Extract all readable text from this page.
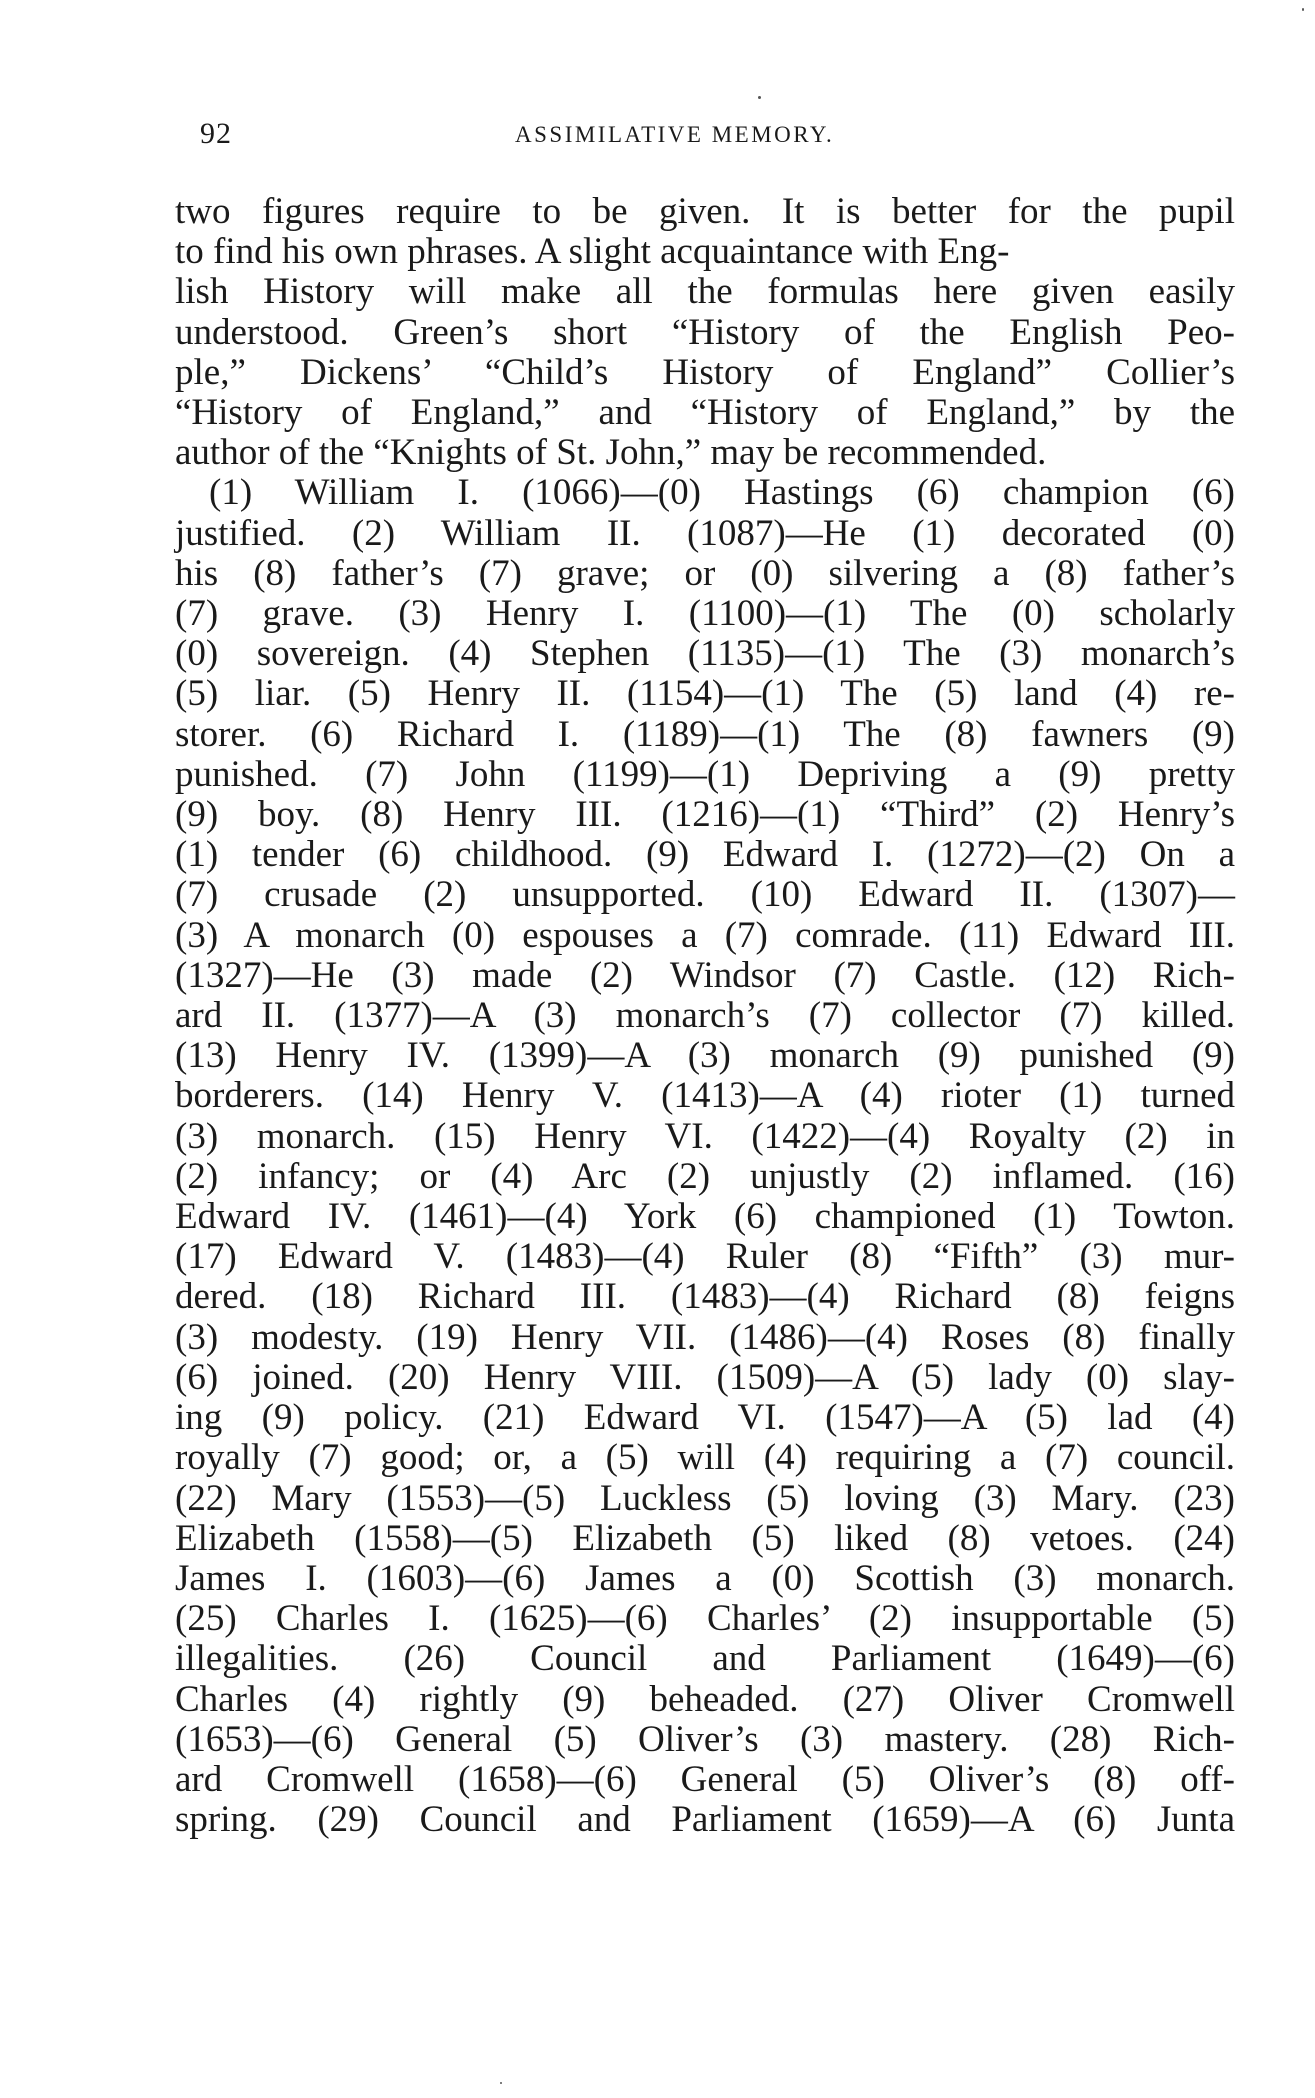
92	ASSIMILATIVE MEMORY.
two figures require to be given. It is better for the pupil
to find his own phrases. A slight acquaintance with Eng-
lish History will make all the formulas here given easily
understood. Green’s short “History of the English Peo-
ple,” Dickens’ “Child’s History of England” Collier’s
“History of England,” and “History of England,” by the
author of the “Knights of St. John,” may be recommended.
(1) William I. (1066)—(0) Hastings (6) champion (6)
justified. (2) William II. (1087)—He (1) decorated (0)
his (8) father’s (7) grave; or (0) silvering a (8) father’s
(7) grave. (3) Henry I. (1100)—(1) The (0) scholarly
(0) sovereign. (4) Stephen (1135)—(1) The (3) monarch’s
(5) liar. (5) Henry II. (1154)—(1) The (5) land (4) re-
storer. (6) Richard I. (1189)—(1) The (8) fawners (9)
punished. (7) John (1199)—(1) Depriving a (9) pretty
(9) boy. (8) Henry III. (1216)—(1) “Third” (2) Henry’s
(1) tender (6) childhood. (9) Edward I. (1272)—(2) On a
(7) crusade (2) unsupported. (10) Edward II. (1307)—
(3) A monarch (0) espouses a (7) comrade. (11) Edward III.
(1327)—He (3) made (2) Windsor (7) Castle. (12) Rich-
ard II. (1377)—A (3) monarch’s (7) collector (7) killed.
(13) Henry IV. (1399)—A (3) monarch (9) punished (9)
borderers. (14) Henry V. (1413)—A (4) rioter (1) turned
(3) monarch. (15) Henry VI. (1422)—(4) Royalty (2) in
(2) infancy; or (4) Arc (2) unjustly (2) inflamed. (16)
Edward IV. (1461)—(4) York (6) championed (1) Towton.
(17) Edward V. (1483)—(4) Ruler (8) “Fifth” (3) mur-
dered. (18) Richard III. (1483)—(4) Richard (8) feigns
(3) modesty. (19) Henry VII. (1486)—(4) Roses (8) finally
(6) joined. (20) Henry VIII. (1509)—A (5) lady (0) slay-
ing (9) policy. (21) Edward VI. (1547)—A (5) lad (4)
royally (7) good; or, a (5) will (4) requiring a (7) council.
(22) Mary (1553)—(5) Luckless (5) loving (3) Mary. (23)
Elizabeth (1558)—(5) Elizabeth (5) liked (8) vetoes. (24)
James I. (1603)—(6) James a (0) Scottish (3) monarch.
(25) Charles I. (1625)—(6) Charles’ (2) insupportable (5)
illegalities. (26) Council and Parliament (1649)—(6)
Charles (4) rightly (9) beheaded. (27) Oliver Cromwell
(1653)—(6) General (5) Oliver’s (3) mastery. (28) Rich-
ard Cromwell (1658)—(6) General (5) Oliver’s (8) off-
spring. (29) Council and Parliament (1659)—A (6) Junta
